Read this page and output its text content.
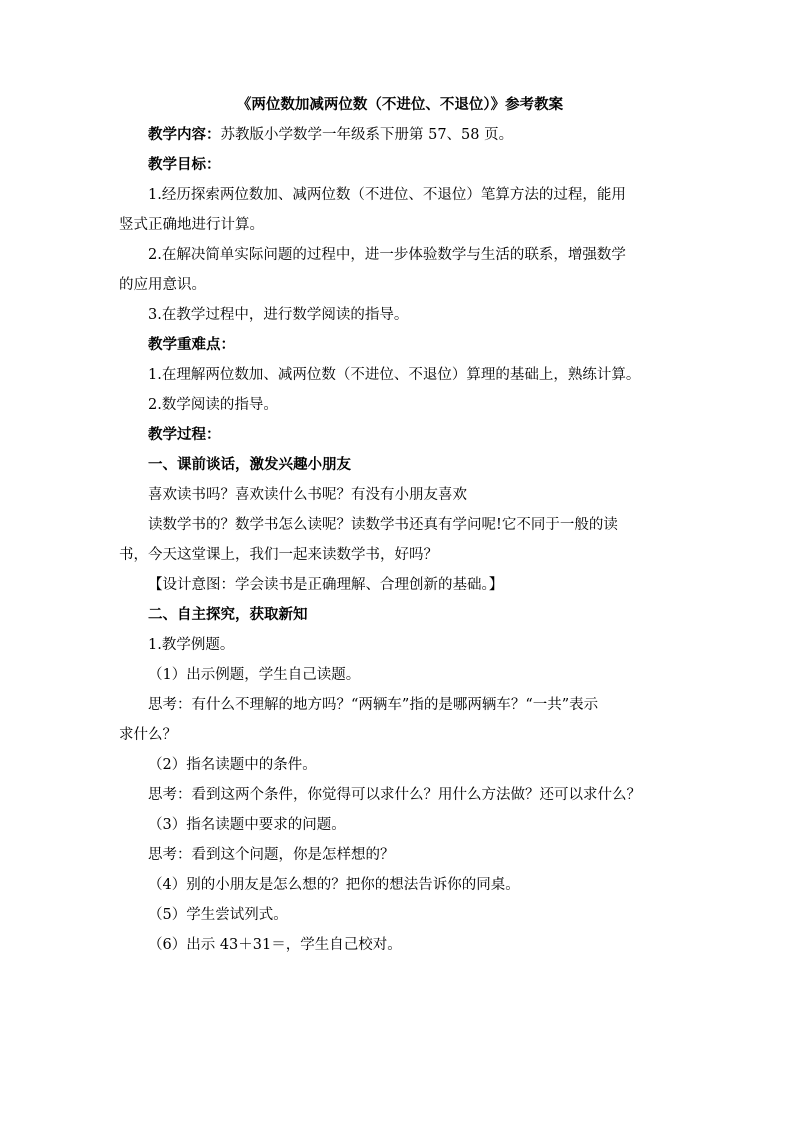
《两位数加减两位数（不进位、不退位）》参考教案
教学内容：苏教版小学数学一年级系下册第 57、58 页。
教学目标：
1.经历探索两位数加、减两位数（不进位、不退位）笔算方法的过程，能用
竖式正确地进行计算。
2.在解决简单实际问题的过程中，进一步体验数学与生活的联系，增强数学
的应用意识。
3.在教学过程中，进行数学阅读的指导。
教学重难点：
1.在理解两位数加、减两位数（不进位、不退位）算理的基础上，熟练计算。
2.数学阅读的指导。
教学过程：
一、课前谈话，激发兴趣小朋友
喜欢读书吗？喜欢读什么书呢？有没有小朋友喜欢
读数学书的？数学书怎么读呢？读数学书还真有学问呢!它不同于一般的读
书，今天这堂课上，我们一起来读数学书，好吗？
【设计意图：学会读书是正确理解、合理创新的基础。】
二、自主探究，获取新知
1.教学例题。
（1）出示例题，学生自己读题。
思考：有什么不理解的地方吗？“两辆车”指的是哪两辆车？“一共”表示
求什么？
（2）指名读题中的条件。
思考：看到这两个条件，你觉得可以求什么？用什么方法做？还可以求什么？
（3）指名读题中要求的问题。
思考：看到这个问题，你是怎样想的？
（4）别的小朋友是怎么想的？把你的想法告诉你的同桌。
（5）学生尝试列式。
（6）出示 43＋31＝，学生自己校对。
